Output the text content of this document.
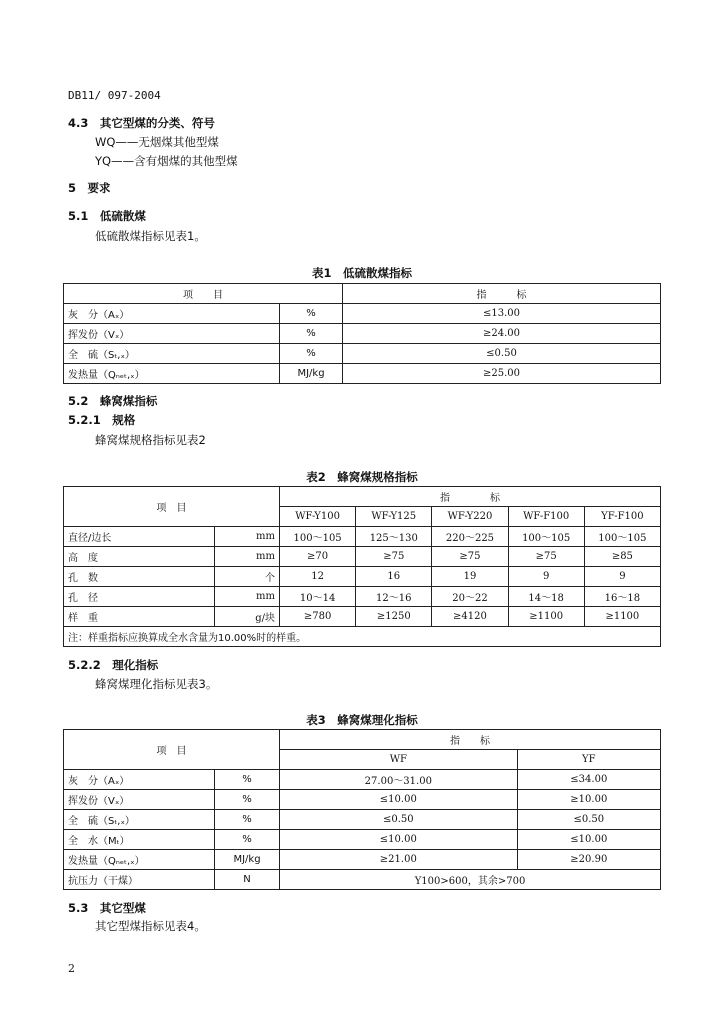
DB11/ 097-2004
4.3　其它型煤的分类、符号
WQ——无烟煤其他型煤
YQ——含有烟煤的其他型煤
5　要求
5.1　低硫散煤
低硫散煤指标见表1。
表1　低硫散煤指标
项　　目		指　　　标
灰　分（Aₓ）	%	≤13.00
挥发份（Vₓ）	%	≥24.00
全　硫（Sₜ,ₓ）	%	≤0.50
发热量（Qₙₑₜ,ₓ）	MJ/kg	≥25.00
5.2　蜂窝煤指标
5.2.1　规格
蜂窝煤规格指标见表2
表2　蜂窝煤规格指标
项　目		指　　　　标				
		WF-Y100	WF-Y125	WF-Y220	WF-F100	YF-F100
直径/边长	mm	100～105	125～130	220～225	100～105	100～105
高　度	mm	≥70	≥75	≥75	≥75	≥85
孔　数	个	12	16	19	9	9
孔　径	mm	10～14	12～16	20～22	14～18	16～18
样　重	g/块	≥780	≥1250	≥4120	≥1100	≥1100
注：样重指标应换算成全水含量为10.00%时的样重。						
5.2.2　理化指标
蜂窝煤理化指标见表3。
表3　蜂窝煤理化指标
项　目		指　　标	
		WF	YF
灰　分（Aₓ）	%	27.00～31.00	≤34.00
挥发份（Vₓ）	%	≤10.00	≥10.00
全　硫（Sₜ,ₓ）	%	≤0.50	≤0.50
全　水（Mₜ）	%	≤10.00	≤10.00
发热量（Qₙₑₜ,ₓ）	MJ/kg	≥21.00	≥20.90
抗压力（干煤）	N	Y100>600，其余>700	
5.3　其它型煤
其它型煤指标见表4。
2
